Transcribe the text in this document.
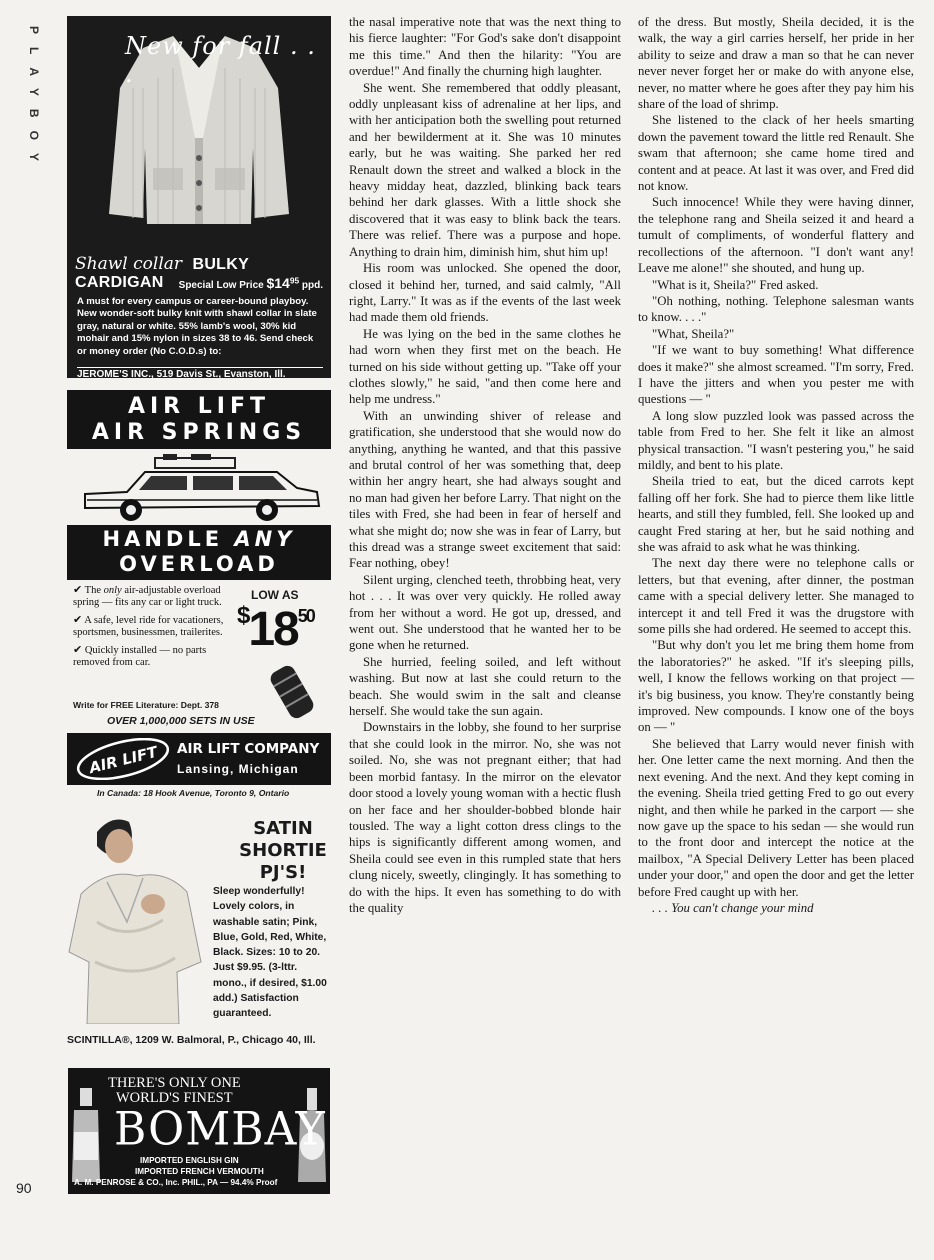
PLAYBOY
90
New for fall . . .
Shawl collar BULKY CARDIGAN	Special Low Price $\$14^{95}$ ppd.
A must for every campus or career-bound playboy. New wonder-soft bulky knit with shawl collar in slate gray, natural or white. 55% lamb's wool, 30% kid mohair and 15% nylon in sizes 38 to 46. Send check or money order (No C.O.D.s) to:
JEROME'S INC., 519 Davis St., Evanston, Ill.
AIR LIFT
AIR SPRINGS
HANDLE ANY
OVERLOAD

✔ The only air-adjustable overload spring — fits any car or light truck.

✔ A safe, level ride for vacationers, sportsmen, businessmen, trailerites.

✔ Quickly installed — no parts removed from car.

LOW AS
$^{\$}18^{50}$
Write for FREE Literature: Dept. 378
OVER 1,000,000 SETS IN USE
AIR LIFT AIR LIFT COMPANY
Lansing, Michigan
In Canada: 18 Hook Avenue, Toronto 9, Ontario
SATIN
SHORTIE
PJ'S!
Sleep wonderfully! Lovely colors, in washable satin; Pink, Blue, Gold, Red, White, Black. Sizes: 10 to 20. Just $9.95. (3-lttr. mono., if desired, $1.00 add.) Satisfaction guaranteed.
SCINTILLA®, 1209 W. Balmoral, P., Chicago 40, Ill.
THERE'S ONLY ONE
WORLD'S FINEST
BOMBAY
IMPORTED ENGLISH GIN
IMPORTED FRENCH VERMOUTH
A. M. PENROSE & CO., Inc. PHIL., PA — 94.4% Proof

the nasal imperative note that was the next thing to his fierce laughter: "For God's sake don't disappoint me this time." And then the hilarity: "You are overdue!" And finally the churning high laughter.

She went. She remembered that oddly pleasant, oddly unpleasant kiss of adrenaline at her lips, and with her anticipation both the swelling pout returned and her bewilderment at it. She was 10 minutes early, but he was waiting. She parked her red Renault down the street and walked a block in the heavy midday heat, dazzled, blinking back tears behind her dark glasses. With a little shock she discovered that it was easy to blink back the tears. There was relief. There was a purpose and hope. Anything to drain him, diminish him, shut him up!

His room was unlocked. She opened the door, closed it behind her, turned, and said calmly, "All right, Larry." It was as if the events of the last week had made them old friends.

He was lying on the bed in the same clothes he had worn when they first met on the beach. He turned on his side without getting up. "Take off your clothes slowly," he said, "and then come here and help me undress."

With an unwinding shiver of release and gratification, she understood that she would now do anything, anything he wanted, and that this passive and brutal control of her was something that, deep within her angry heart, she had always sought and no man had given her before Larry. That night on the tiles with Fred, she had been in fear of herself and what she might do; now she was in fear of Larry, but this dread was a strange sweet excitement that said: Fear nothing, obey!

Silent urging, clenched teeth, throbbing heat, very hot . . . It was over very quickly. He rolled away from her without a word. He got up, dressed, and went out. She understood that he wanted her to be gone when he returned.

She hurried, feeling soiled, and left without washing. But now at last she could return to the beach. She would swim in the salt and cleanse herself. She would take the sun again.

Downstairs in the lobby, she found to her surprise that she could look in the mirror. No, she was not soiled. No, she was not pregnant either; that had been morbid fantasy. In the mirror on the elevator door stood a lovely young woman with a hectic flush on her face and her shoulder-bobbed blonde hair tousled. The way a light cotton dress clings to the hips is significantly different among women, and Sheila could see even in this rumpled state that hers clung nicely, sweetly, clingingly. It has something to do with the hips. It even has something to do with the quality

of the dress. But mostly, Sheila decided, it is the walk, the way a girl carries herself, her pride in her ability to seize and draw a man so that he can never never never forget her or make do with anyone else, never, no matter where he goes after they pay him his share of the load of shrimp.

She listened to the clack of her heels smarting down the pavement toward the little red Renault. She swam that afternoon; she came home tired and content and at peace. At last it was over, and Fred did not know.

Such innocence! While they were having dinner, the telephone rang and Sheila seized it and heard a tumult of compliments, of wonderful flattery and recollections of the afternoon. "I don't want any! Leave me alone!" she shouted, and hung up.

"What is it, Sheila?" Fred asked.

"Oh nothing, nothing. Telephone salesman wants to know. . . ."

"What, Sheila?"

"If we want to buy something! What difference does it make?" she almost screamed. "I'm sorry, Fred. I have the jitters and when you pester me with questions — "

A long slow puzzled look was passed across the table from Fred to her. She felt it like an almost physical transaction. "I wasn't pestering you," he said mildly, and bent to his plate.

Sheila tried to eat, but the diced carrots kept falling off her fork. She had to pierce them like little hearts, and still they fumbled, fell. She looked up and caught Fred staring at her, but he said nothing and she was afraid to ask what he was thinking.

The next day there were no telephone calls or letters, but that evening, after dinner, the postman came with a special delivery letter. She managed to intercept it and tell Fred it was the drugstore with some pills she had ordered. He seemed to accept this.

"But why don't you let me bring them home from the laboratories?" he asked. "If it's sleeping pills, well, I know the fellows working on that project — it's big business, you know. They're constantly being improved. New compounds. I know one of the boys on — "

She believed that Larry would never finish with her. One letter came the next morning. And then the next evening. And the next. And they kept coming in the evening. Sheila tried getting Fred to go out every night, and then while he parked in the carport — she now gave up the space to his sedan — she would run to the front door and intercept the notice at the mailbox, "A Special Delivery Letter has been placed under your door," and open the door and get the letter before Fred caught up with her.

. . . You can't change your mind
